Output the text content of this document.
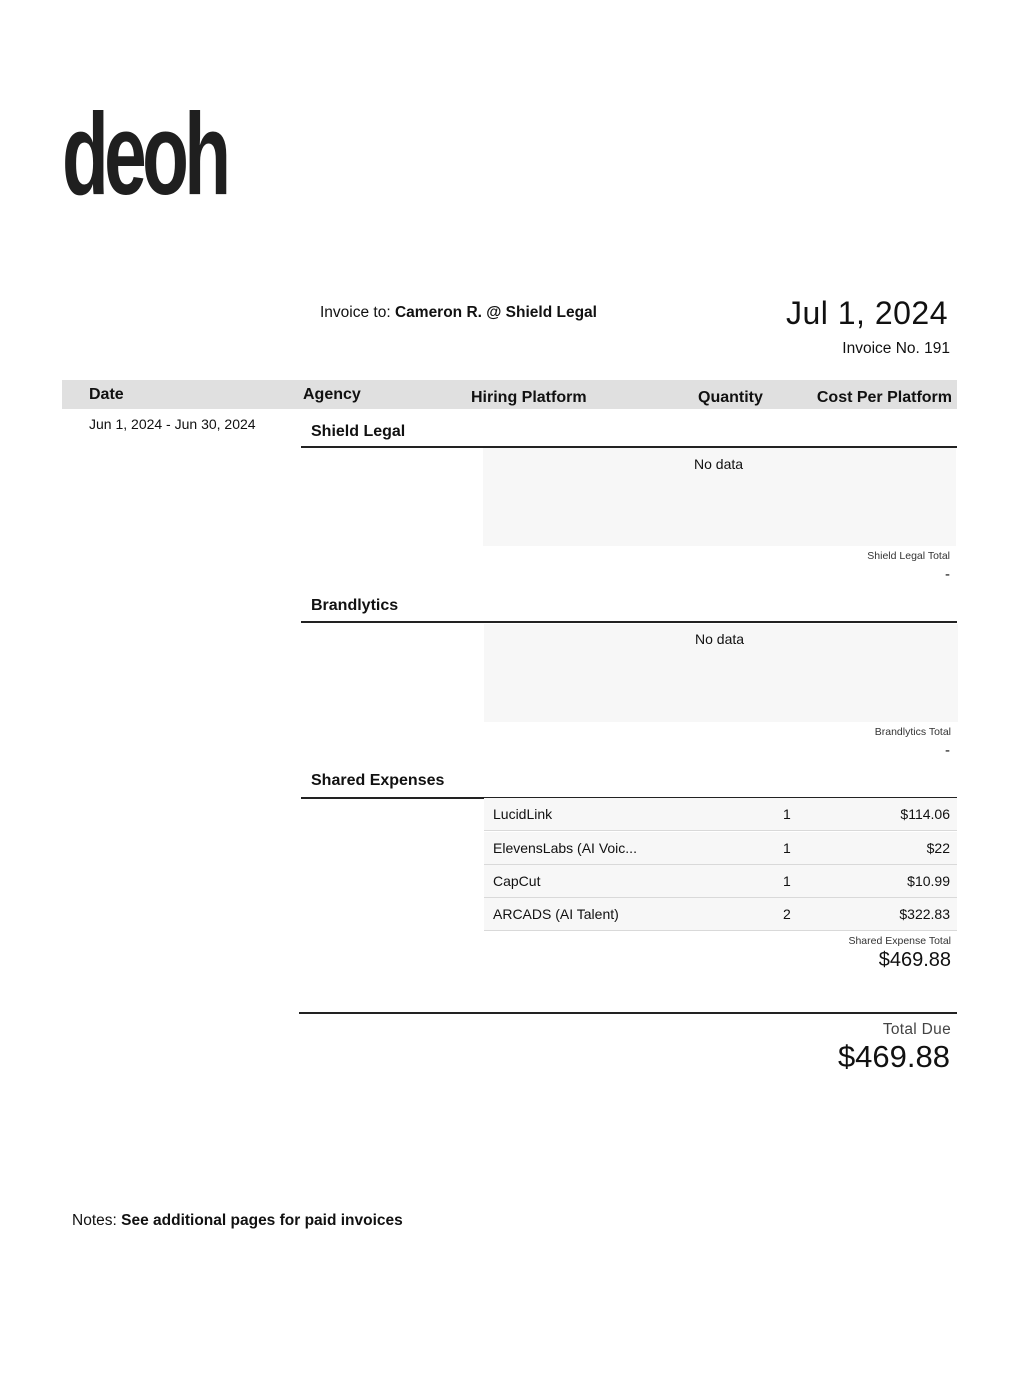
deoh
Invoice to: Cameron R. @ Shield Legal	Jul 1, 2024
Invoice No. 191
Date	Agency	Hiring Platform	Quantity	Cost Per Platform
Jun 1, 2024 - Jun 30, 2024	Shield Legal
No data
Shield Legal Total
-
Brandlytics
No data
Brandlytics Total
-
Shared Expenses
LucidLink	1	$114.06
ElevensLabs (AI Voic...	1	$22
CapCut	1	$10.99
ARCADS (AI Talent)	2	$322.83
Shared Expense Total
$469.88
Total Due
$469.88
Notes: See additional pages for paid invoices
